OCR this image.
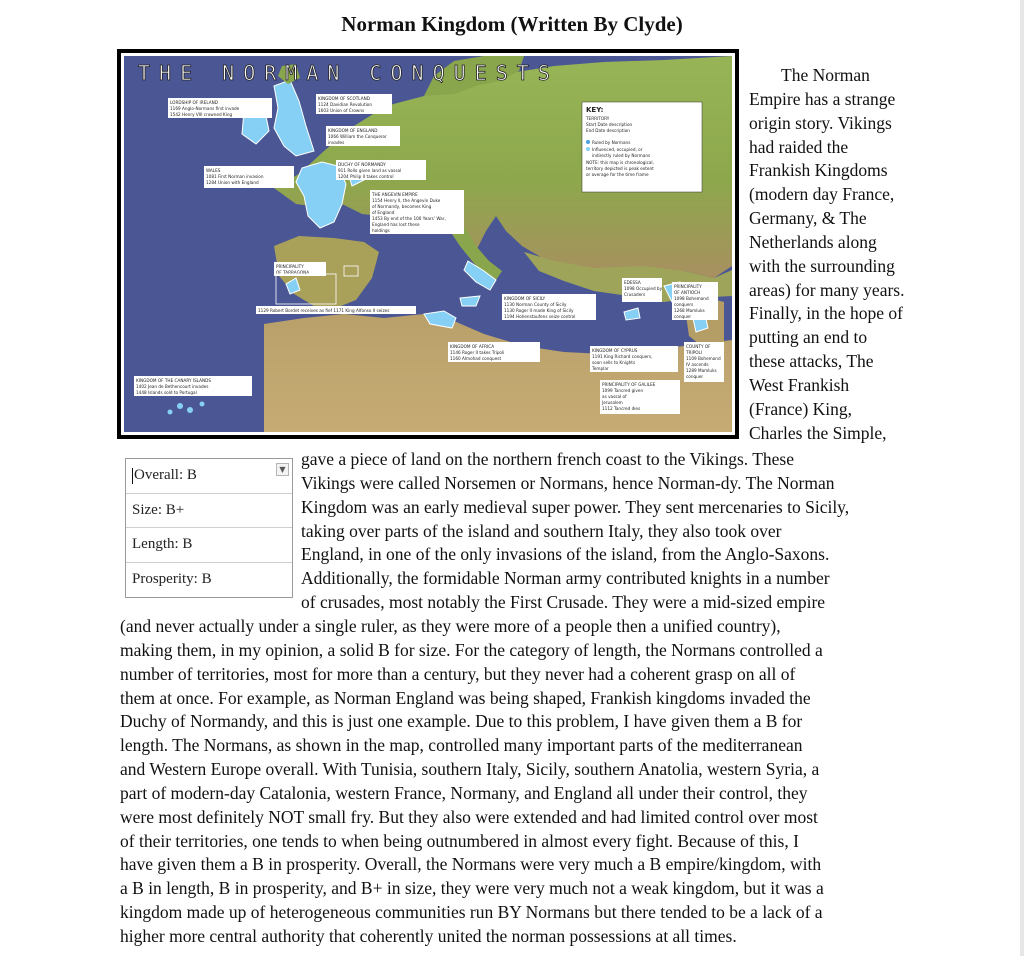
Norman Kingdom (Written By Clyde)
THE NORMAN CONQUESTS
LORDSHIP OF IRELAND
1169 Anglo-Normans first invade
1542 Henry VIII crowned King
KINGDOM OF SCOTLAND
1124 Davidian Revolution
1603 Union of Crowns
KINGDOM OF ENGLAND
1066 William the Conqueror
invades
WALES
1081 First Norman invasion
1284 Union with England
DUCHY OF NORMANDY
911 Rollo given land as vassal
1204 Philip II takes control
THE ANGEVIN EMPIRE
1154 Henry II, the Angevin Duke
of Normandy, becomes King
of England
1453 By end of the 100 Years' War,
England has lost these
holdings
PRINCIPALITY
OF TARRAGONA
1129 Robert Bordet receives as fief 1171 King Alfonso II seizes
KINGDOM OF SICILY
1130 Norman County of Sicily
1130 Roger II made King of Sicily
1194 Hohenstaufens seize control
KINGDOM OF AFRICA
1146 Roger II takes Tripoli
1160 Almohad conquest
KINGDOM OF CYPRUS
1191 King Richard conquers,
soon sells to Knights
Templar
EDESSA
1098 Occupied by
Crusaders
PRINCIPALITY
OF ANTIOCH
1098 Bohemond
conquers
1268 Mamluks
conquer
COUNTY OF
TRIPOLI
1109 Bohemond
IV ascends
1289 Mamluks
conquer
PRINCIPALITY OF GALILEE
1099 Tancred given
as vassal of
Jerusalem
1112 Tancred dies
KINGDOM OF THE CANARY ISLANDS
1402 Jean de Bethencourt invades
1448 Islands sold to Portugal
KEY:
TERRITORY
Start Date description
End Date description
Ruled by Normans
Influenced, occupied, or
indirectly ruled by Normans
NOTE: this map is chronological,
territory depicted is peak extent
or average for the time frame
The Norman
Empire has a strange
origin story. Vikings
had raided the
Frankish Kingdoms
(modern day France,
Germany, & The
Netherlands along
with the surrounding
areas) for many years.
Finally, in the hope of
putting an end to
these attacks, The
West Frankish
(France) King,
Charles the Simple,
Overall: B	▼
Size: B+
Length: B
Prosperity: B
gave a piece of land on the northern french coast to the Vikings. These
Vikings were called Norsemen or Normans, hence Norman-dy. The Norman
Kingdom was an early medieval super power. They sent mercenaries to Sicily,
taking over parts of the island and southern Italy, they also took over
England, in one of the only invasions of the island, from the Anglo-Saxons.
Additionally, the formidable Norman army contributed knights in a number
of crusades, most notably the First Crusade. They were a mid-sized empire
(and never actually under a single ruler, as they were more of a people then a unified country),
making them, in my opinion, a solid B for size. For the category of length, the Normans controlled a
number of territories, most for more than a century, but they never had a coherent grasp on all of
them at once. For example, as Norman England was being shaped, Frankish kingdoms invaded the
Duchy of Normandy, and this is just one example. Due to this problem, I have given them a B for
length. The Normans, as shown in the map, controlled many important parts of the mediterranean
and Western Europe overall. With Tunisia, southern Italy, Sicily, southern Anatolia, western Syria, a
part of modern-day Catalonia, western France, Normany, and England all under their control, they
were most definitely NOT small fry. But they also were extended and had limited control over most
of their territories, one tends to when being outnumbered in almost every fight. Because of this, I
have given them a B in prosperity. Overall, the Normans were very much a B empire/kingdom, with
a B in length, B in prosperity, and B+ in size, they were very much not a weak kingdom, but it was a
kingdom made up of heterogeneous communities run BY Normans but there tended to be a lack of a
higher more central authority that coherently united the norman possessions at all times.
